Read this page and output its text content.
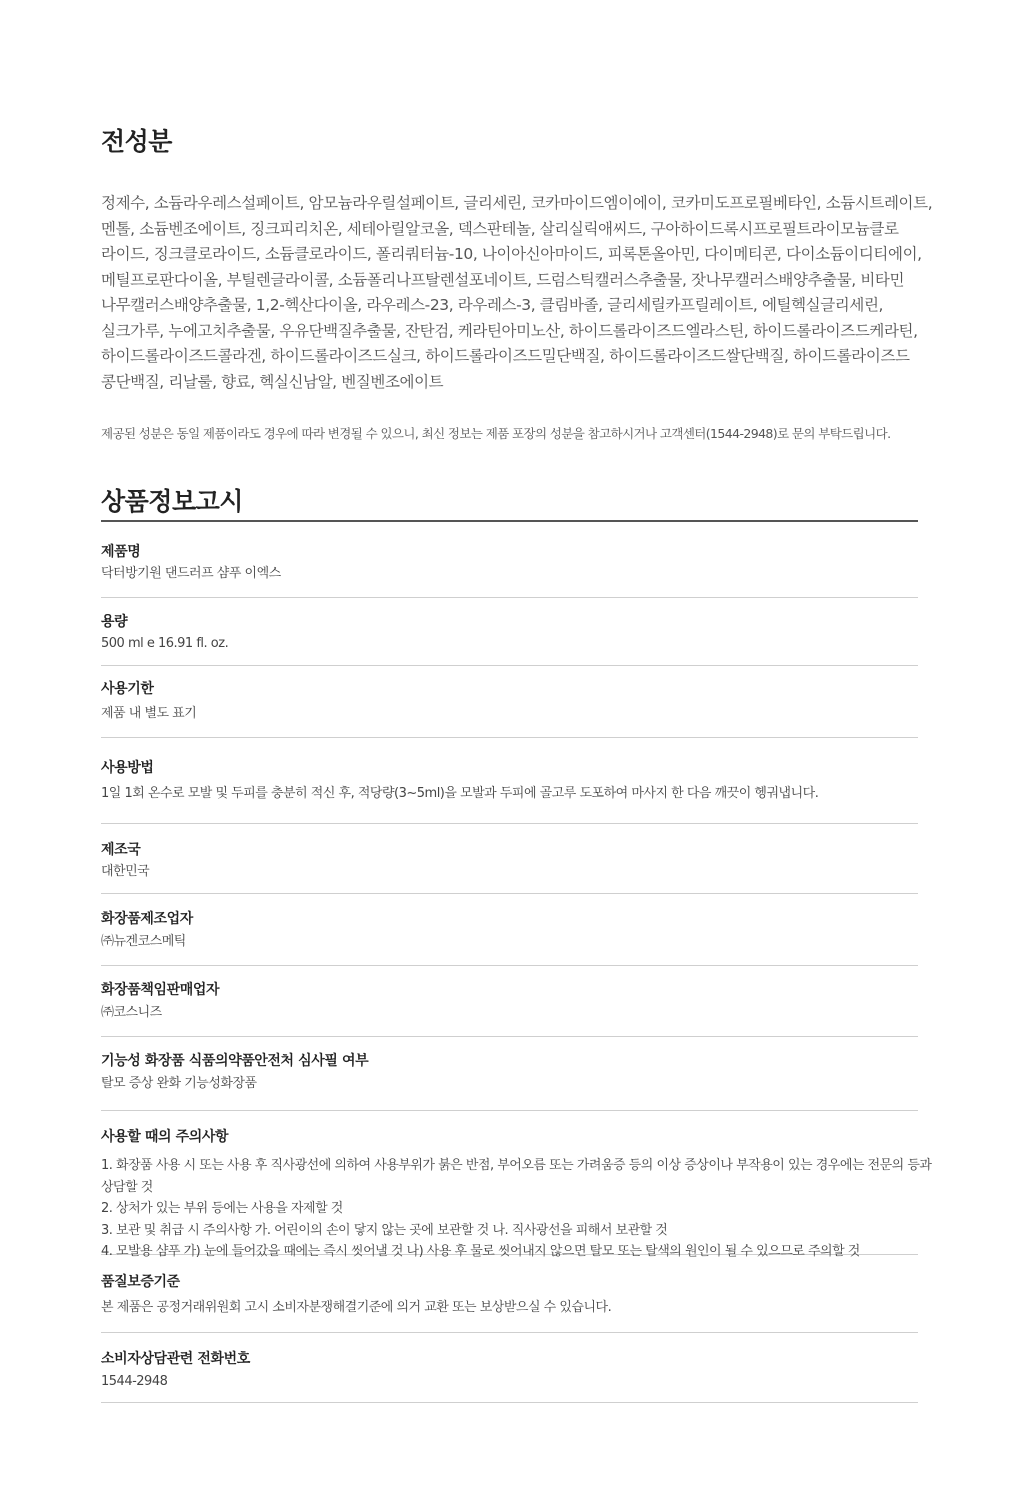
전성분

정제수, 소듐라우레스설페이트, 암모늄라우릴설페이트, 글리세린, 코카마이드엠이에이, 코카미도프로필베타인, 소듐시트레이트,
멘톨, 소듐벤조에이트, 징크피리치온, 세테아릴알코올, 덱스판테놀, 살리실릭애씨드, 구아하이드록시프로필트라이모늄클로
라이드, 징크클로라이드, 소듐클로라이드, 폴리쿼터늄-10, 나이아신아마이드, 피록톤올아민, 다이메티콘, 다이소듐이디티에이,
메틸프로판다이올, 부틸렌글라이콜, 소듐폴리나프탈렌설포네이트, 드럼스틱캘러스추출물, 잣나무캘러스배양추출물, 비타민
나무캘러스배양추출물, 1,2-헥산다이올, 라우레스-23, 라우레스-3, 클림바졸, 글리세릴카프릴레이트, 에틸헥실글리세린,
실크가루, 누에고치추출물, 우유단백질추출물, 잔탄검, 케라틴아미노산, 하이드롤라이즈드엘라스틴, 하이드롤라이즈드케라틴,
하이드롤라이즈드콜라겐, 하이드롤라이즈드실크, 하이드롤라이즈드밀단백질, 하이드롤라이즈드쌀단백질, 하이드롤라이즈드
콩단백질, 리날룰, 향료, 헥실신남알, 벤질벤조에이트

제공된 성분은 동일 제품이라도 경우에 따라 변경될 수 있으니, 최신 정보는 제품 포장의 성분을 참고하시거나 고객센터(1544-2948)로 문의 부탁드립니다.

상품정보고시
제품명
닥터방기원 댄드러프 샴푸 이엑스
용량
500 ml e 16.91 fl. oz.
사용기한
제품 내 별도 표기
사용방법
1일 1회 온수로 모발 및 두피를 충분히 적신 후, 적당량(3~5ml)을 모발과 두피에 골고루 도포하여 마사지 한 다음 깨끗이 헹궈냅니다.
제조국
대한민국
화장품제조업자
㈜뉴겐코스메틱
화장품책임판매업자
㈜코스니즈
기능성 화장품 식품의약품안전처 심사필 여부
탈모 증상 완화 기능성화장품
사용할 때의 주의사항
1. 화장품 사용 시 또는 사용 후 직사광선에 의하여 사용부위가 붉은 반점, 부어오름 또는 가려움증 등의 이상 증상이나 부작용이 있는 경우에는 전문의 등과 상담할 것
2. 상처가 있는 부위 등에는 사용을 자제할 것
3. 보관 및 취급 시 주의사항 가. 어린이의 손이 닿지 않는 곳에 보관할 것 나. 직사광선을 피해서 보관할 것
4. 모발용 샴푸 가) 눈에 들어갔을 때에는 즉시 씻어낼 것 나) 사용 후 물로 씻어내지 않으면 탈모 또는 탈색의 원인이 될 수 있으므로 주의할 것
품질보증기준
본 제품은 공정거래위원회 고시 소비자분쟁해결기준에 의거 교환 또는 보상받으실 수 있습니다.
소비자상담관련 전화번호
1544-2948
